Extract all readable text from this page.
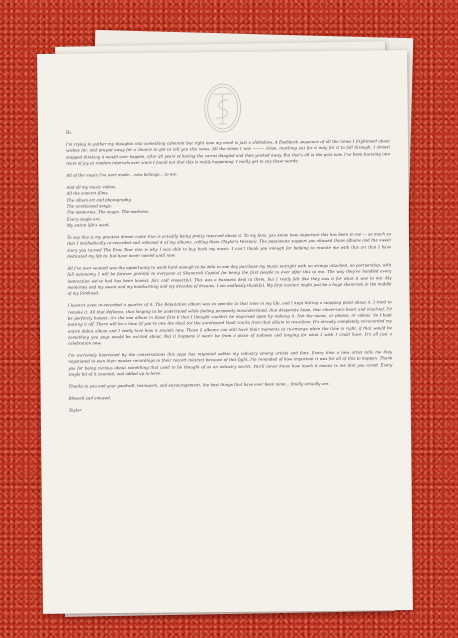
Hi,

I'm trying to gather my thoughts into something coherent but right now my mind is just a slideshow. A flashback sequence of all the times I frightened about wishes for, and prayed away for a chance to get to tell you this news. All the times I was ——— close, reaching out for it only for it to fall through. I almost stopped thinking it would ever happen, after 20 years of having the carrot dangled and then yanked away. But that's all in the past now. I've been bursting into tears of joy at random intervals ever since I found out that this is really happening. I really get to say these words:

All of the music I've ever made... now belongs... to me.

And all my music videos.
All the concert films.
The album art and photography.
The unreleased songs.
The memories. The magic. The madness.
Every single era.
My entire life's work.

To say this is my greatest dream come true is actually being pretty reserved about it. To my fans, you know how important this has been to me — so much so that I methodically re-recorded and released 4 of my albums, calling them (Taylor's Version). The passionate support you showed those albums and the sweet story you turned The Eras Tour into is why I was able to buy back my music. I can't thank you enough for helping to reunite me with this art that I have dedicated my life to, but have never owned until now.

All I've ever wanted was the opportunity to work hard enough to be able to one day purchase my music outright with no strings attached, no partnership, with full autonomy. I will be forever grateful to everyone at Shamrock Capital for being the first people to ever offer this to me. The way they've handled every interaction we've had has been honest, fair, and respectful. This was a business deal to them, but I really felt like they saw it for what it was to me: My memories and my sweat and my handwriting and my decades of dreams. I am endlessly thankful. My first instinct might just be a huge shamrock in the middle of my forehead.

I haven't even re-recorded a quarter of it. The Reputation album was so specific to that time in my life, and I kept hitting a stopping point about it. I tried to remake it. All that defiance, that longing to be understood while feeling purposely misunderstood, that desperate hope, that clever-torn heart and mischief. I'd be perfectly honest, it's the one album in those first 6 that I thought couldn't be improved upon by redoing it. Not the music, or photos, or videos. So I kept putting it off. There will be a time (if you're into the idea) for the unreleased Vault tracks from that album to resurface. It's already completely re-recorded my entire debut album and I really love how it sounds now. Those 2 albums can still have their moments to re-emerge when the time is right, if that would be something you guys would be excited about. But it happens it won't be from a place of sadness and longing for what I wish I could have. It's all just a celebration now.

I'm extremely heartened by the conversations this saga has reignited within my industry among artists and fans. Every time a new artist tells me they negotiated to own their master recordings in their record contract because of this fight, I'm reminded of how important it was for all of this to happen. Thank you for being curious about something that used to be thought of as an industry secret. You'll never know how much it means to me that you cared. Every single bit of it counted, and added up to here.

Thanks to you and your goodwill, teamwork, and encouragement, the best things that have ever been mine... finally actually are.

Blessed and amazed,

Taylor
